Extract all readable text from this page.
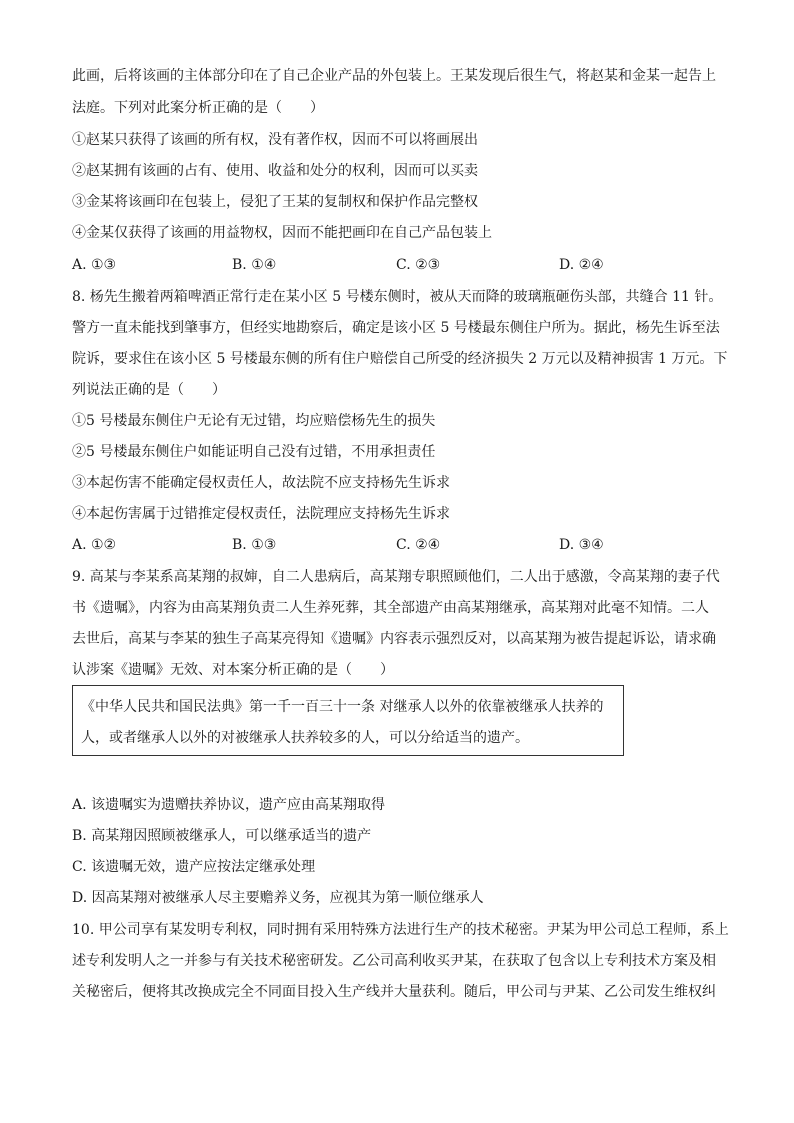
此画，后将该画的主体部分印在了自己企业产品的外包装上。王某发现后很生气，将赵某和金某一起告上
法庭。下列对此案分析正确的是（　　）
①赵某只获得了该画的所有权，没有著作权，因而不可以将画展出
②赵某拥有该画的占有、使用、收益和处分的权利，因而可以买卖
③金某将该画印在包装上，侵犯了王某的复制权和保护作品完整权
④金某仅获得了该画的用益物权，因而不能把画印在自己产品包装上
A. ①③	B. ①④	C. ②③	D. ②④
8. 杨先生搬着两箱啤酒正常行走在某小区 5 号楼东侧时，被从天而降的玻璃瓶砸伤头部，共缝合 11 针。
警方一直未能找到肇事方，但经实地勘察后，确定是该小区 5 号楼最东侧住户所为。据此，杨先生诉至法
院诉，要求住在该小区 5 号楼最东侧的所有住户赔偿自己所受的经济损失 2 万元以及精神损害 1 万元。下
列说法正确的是（　　）
①5 号楼最东侧住户无论有无过错，均应赔偿杨先生的损失
②5 号楼最东侧住户如能证明自己没有过错，不用承担责任
③本起伤害不能确定侵权责任人，故法院不应支持杨先生诉求
④本起伤害属于过错推定侵权责任，法院理应支持杨先生诉求
A. ①②	B. ①③	C. ②④	D. ③④
9. 高某与李某系高某翔的叔婶，自二人患病后，高某翔专职照顾他们，二人出于感激，令高某翔的妻子代
书《遗嘱》，内容为由高某翔负责二人生养死葬，其全部遗产由高某翔继承，高某翔对此毫不知情。二人
去世后，高某与李某的独生子高某亮得知《遗嘱》内容表示强烈反对，以高某翔为被告提起诉讼，请求确
认涉案《遗嘱》无效、对本案分析正确的是（　　）
《中华人民共和国民法典》第一千一百三十一条 对继承人以外的依靠被继承人扶养的
人，或者继承人以外的对被继承人扶养较多的人，可以分给适当的遗产。
A. 该遗嘱实为遗赠扶养协议，遗产应由高某翔取得
B. 高某翔因照顾被继承人，可以继承适当的遗产
C. 该遗嘱无效，遗产应按法定继承处理
D. 因高某翔对被继承人尽主要赡养义务，应视其为第一顺位继承人
10. 甲公司享有某发明专利权，同时拥有采用特殊方法进行生产的技术秘密。尹某为甲公司总工程师，系上
述专利发明人之一并参与有关技术秘密研发。乙公司高利收买尹某，在获取了包含以上专利技术方案及相
关秘密后，便将其改换成完全不同面目投入生产线并大量获利。随后，甲公司与尹某、乙公司发生维权纠
